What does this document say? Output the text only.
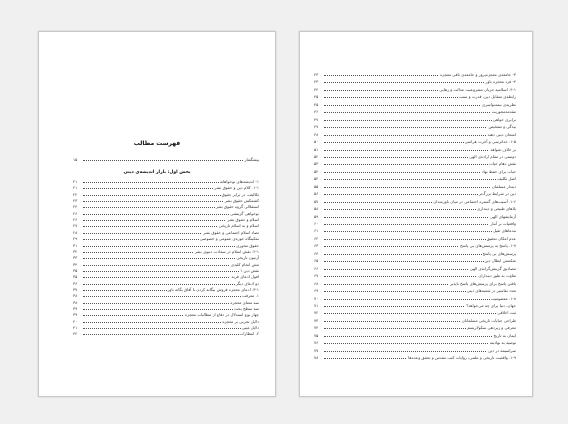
فهرست مطالب
۱۵	پیشگفتار
بخش اول: بازار اندیشه‌ی دینی
۲۱	۱- اندیشه‌های نوخواهانه
۲۱	۱-۱. کلام دین و حقوق بشر
۲۲	تکالیف، در برابر حقوق
۲۳	کشمکش حقوق بشر
۲۴	استقلالی گروه حقوق بشر
۲۶	نوخواهی گزینشی
۲۶	اسلام و حقوق بشر
۲۷	اسلام و به اسلام تاریخی
۲۸	تضاد اسلام اجتماعی و حقوق بشر
۲۹	تمکینگاه حوزه‌ی عمومی و خصوصی
۳۱	حقوق محوری
۳۲	۲-۱. نقش اسلام در سعادت دنیوی بشر
۳۳	آزمون تاریخی
۳۴	تنش انجام کلیدی
۳۵	نقش دین ۱
۳۵	افول ادعای فربه
۳۶	دو ادعای دیگر
۳۷	۳-۱. ادعای معجزه فروش بیگانه کردن با آفاق یگانه باور
۳۸	۱. معرفت
۳۸	سه معنای معجزه
۳۹	سه سطح بحث
۳۹	چهار نوع استدلال در دفاع از مطالبات معجزه
۴۰	دلایل تجربی بر معجزه
۴۱	دلایل غیبی
۴۲	۲. انتظارات
۴۳	۳- جامعه‌ی معجزه‌پرور و جامعه‌ی نافی معجزه
۴۳	۴- فرد معجزه باور
۴۴	۴-۱. اسلامیه جزیان مشروعیت عدالت و رهایی
۴۵	رابطه‌ی متقابل دین، قدرت و سنت
۴۵	نظریه‌ی نیمه‌نواسری
۴۶	مقدمه‌محوریت
۴۷	برابری خواهی
۴۷	بیدگی و تشخیص
۴۸	امتحان دینی دهند
۵۰	۱-۵. خداترسی و آخرت هراسی
۵۱	بر خلاف شواهد
۵۲	دوستی در مقام اراده‌ی الهی
۵۳	نقش دهام حیات
۵۴	حیات برای حفظ نهاد
۵۴	اصل تکلیف
۵۵	دیندار مسلمان
۵۶	دین در شرایط بزرگ‌تر
۵۷	۱-۶. آسیب‌های گستره اجتماعی در میان باورمندان
۵۸	بلاهای طبیعی و دینداری
۵۹	آزمایشهای الهی
۶۰	واقعیات بر آنبار
۶۱	مدعاهای ثقیل
۶۲	عدم امکان تحقیق
۶۳	۱-۷. پاسخ به پرسش‌های بی پاسخ
۶۴	پرسش‌های بی پاسخ
۶۵	شکستن ابطال دین
۶۶	مصادیق گزینش‌گرانه‌ی الهی
۶۷	تفاوت به طور دینداران
۶۸	یافتن پاسخ برای پرسش‌های پاسخ ناپذیر
۶۹	تعدد تفاسیر در شعبه‌های دینی
۷۰	۱-۸. معصومیت
۷۱	جهان، دنیا برای چه می‌خواهد؟
۷۲	ثبت اخلاقی
۷۳	طراحی جنایات تاریخی مسلمانان
۷۴	معرفی و زیردهی سکولاریسم
۷۵	ایمان به تاریخ
۷۶	توصیه به نهادینه
۷۷	سراسیمه در دین
۷۸	۱-۹. واقعیت تاریخی و علمی، روایات کتب مقدس و تحقق وعده‌ها
